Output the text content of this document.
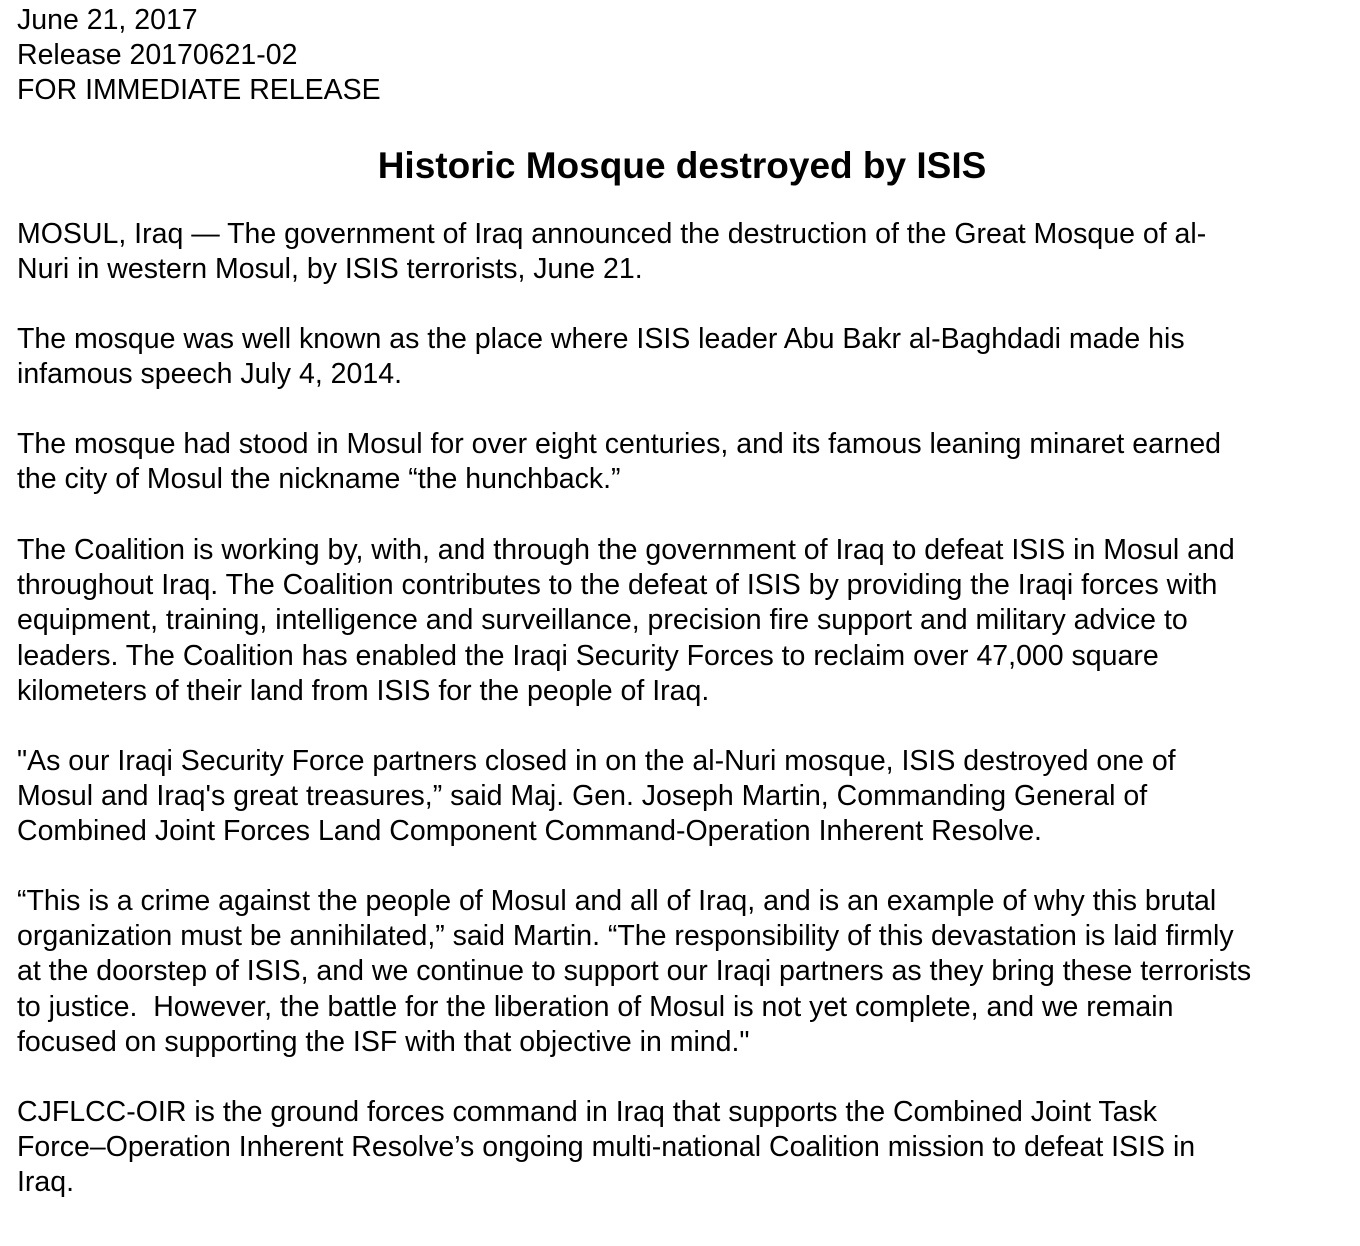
June 21, 2017
Release 20170621-02
FOR IMMEDIATE RELEASE
Historic Mosque destroyed by ISIS
MOSUL, Iraq — The government of Iraq announced the destruction of the Great Mosque of al-
Nuri in western Mosul, by ISIS terrorists, June 21.
The mosque was well known as the place where ISIS leader Abu Bakr al-Baghdadi made his
infamous speech July 4, 2014.
The mosque had stood in Mosul for over eight centuries, and its famous leaning minaret earned
the city of Mosul the nickname “the hunchback.”
The Coalition is working by, with, and through the government of Iraq to defeat ISIS in Mosul and
throughout Iraq. The Coalition contributes to the defeat of ISIS by providing the Iraqi forces with
equipment, training, intelligence and surveillance, precision fire support and military advice to
leaders. The Coalition has enabled the Iraqi Security Forces to reclaim over 47,000 square
kilometers of their land from ISIS for the people of Iraq.
"As our Iraqi Security Force partners closed in on the al-Nuri mosque, ISIS destroyed one of
Mosul and Iraq's great treasures,” said Maj. Gen. Joseph Martin, Commanding General of
Combined Joint Forces Land Component Command-Operation Inherent Resolve.
“This is a crime against the people of Mosul and all of Iraq, and is an example of why this brutal
organization must be annihilated,” said Martin. “The responsibility of this devastation is laid firmly
at the doorstep of ISIS, and we continue to support our Iraqi partners as they bring these terrorists
to justice.  However, the battle for the liberation of Mosul is not yet complete, and we remain
focused on supporting the ISF with that objective in mind."
CJFLCC-OIR is the ground forces command in Iraq that supports the Combined Joint Task
Force–Operation Inherent Resolve’s ongoing multi-national Coalition mission to defeat ISIS in
Iraq.
